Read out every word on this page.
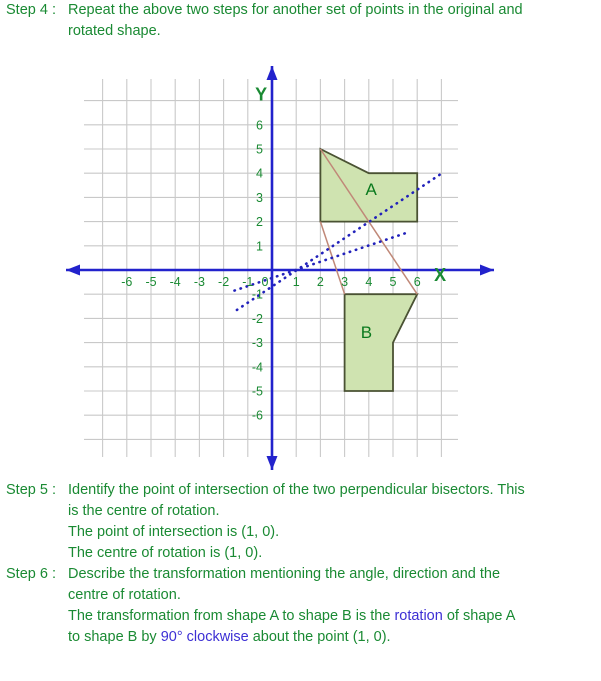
Step 4 : Repeat the above two steps for another set of points in the original and
rotated shape.
-6 -5 -4 -3 -2 -1 0 1 2 3 4 5 6
-6
-5
-4
-3
-2
-1
1
2
3
4
5
6
X
Y
A
B
Step 5 : Identify the point of intersection of the two perpendicular bisectors. This
is the centre of rotation.
The point of intersection is (1, 0).
The centre of rotation is (1, 0).
Step 6 : Describe the transformation mentioning the angle, direction and the
centre of rotation.
The transformation from shape A to shape B is the rotation of shape A
to shape B by 90° clockwise about the point (1, 0).
